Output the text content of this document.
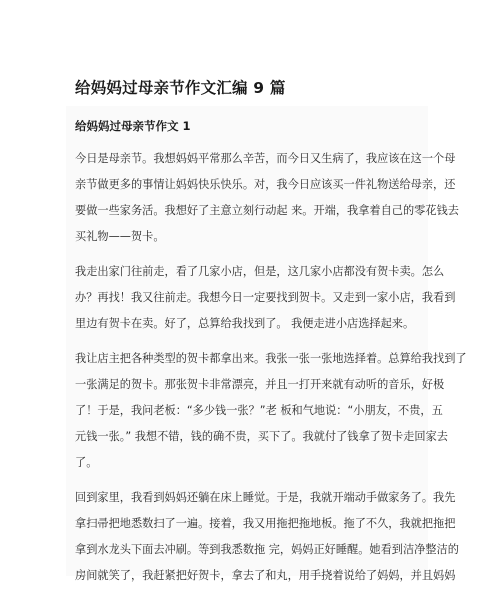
给妈妈过母亲节作文汇编 9 篇
给妈妈过母亲节作文 1

今日是母亲节。我想妈妈平常那么辛苦，而今日又生病了，我应该在这一个母
亲节做更多的事情让妈妈快乐快乐。对，我今日应该买一件礼物送给母亲，还
要做一些家务活。我想好了主意立刻行动起 来。开端，我拿着自己的零花钱去
买礼物——贺卡。

我走出家门往前走，看了几家小店，但是，这几家小店都没有贺卡卖。怎么
办？再找！我又往前走。我想今日一定要找到贺卡。又走到一家小店，我看到
里边有贺卡在卖。好了，总算给我找到了。 我便走进小店选择起来。

我让店主把各种类型的贺卡都拿出来。我张一张一张地选择着。总算给我找到了
一张满足的贺卡。那张贺卡非常漂亮，并且一打开来就有动听的音乐，好极
了！于是，我问老板：“多少钱一张？”老 板和气地说：“小朋友，不贵，五
元钱一张。” 我想不错，钱的确不贵，买下了。我就付了钱拿了贺卡走回家去
了。

回到家里，我看到妈妈还躺在床上睡觉。于是，我就开端动手做家务了。我先
拿扫帚把地悉数扫了一遍。接着，我又用拖把拖地板。拖了不久，我就把拖把
拿到水龙头下面去冲刷。等到我悉数拖 完，妈妈正好睡醒。她看到洁净整洁的
房间就笑了，我赶紧把好贺卡，拿去了和丸，用手挠着说给了妈妈，并且妈妈
